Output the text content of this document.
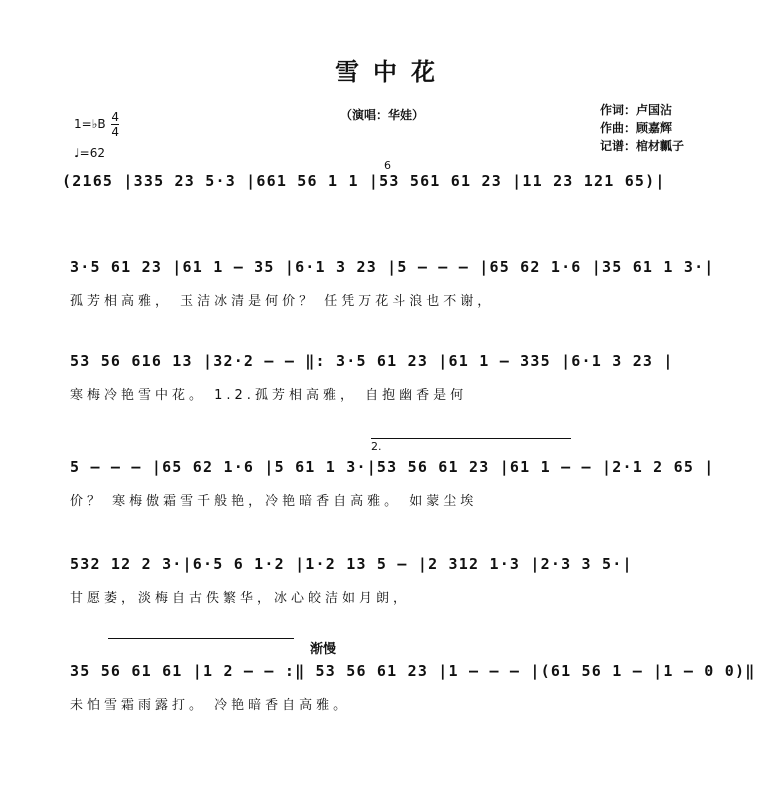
雪中花
（演唱：华娃）	作词：卢国沾
作曲：顾嘉辉
记谱：棺材瓤子
1=♭B $\frac{4}{4}$
♩=62
(2165 |335 23 5·3 |661 56 1 1 |53 561 61 23 |11 23 121 65)|
6
3·5 61 23 |61 1 – 35 |6·1 3 23 |5 – – – |65 62 1·6 |35 61 1 3·|
孤芳相高雅， 玉洁冰清是何价？ 任凭万花斗浪也不谢，
53 56 616 13 |32·2 – – ‖: 3·5 61 23 |61 1 – 335 |6·1 3 23 |
寒梅冷艳雪中花。 1.2.孤芳相高雅， 自抱幽香是何
2.
5 – – – |65 62 1·6 |5 61 1 3·|53 56 61 23 |61 1 – – |2·1 2 65 |
价？ 寒梅傲霜雪千般艳，冷艳暗香自高雅。 如蒙尘埃
532 12 2 3·|6·5 6 1·2 |1·2 13 5 – |2 312 1·3 |2·3 3 5·|
甘愿萎，淡梅自古佚繁华，冰心皎洁如月朗，
渐慢
35 56 61 61 |1 2 – – :‖ 53 56 61 23 |1 – – – |(61 56 1 – |1 – 0 0)‖
未怕雪霜雨露打。 冷艳暗香自高雅。
